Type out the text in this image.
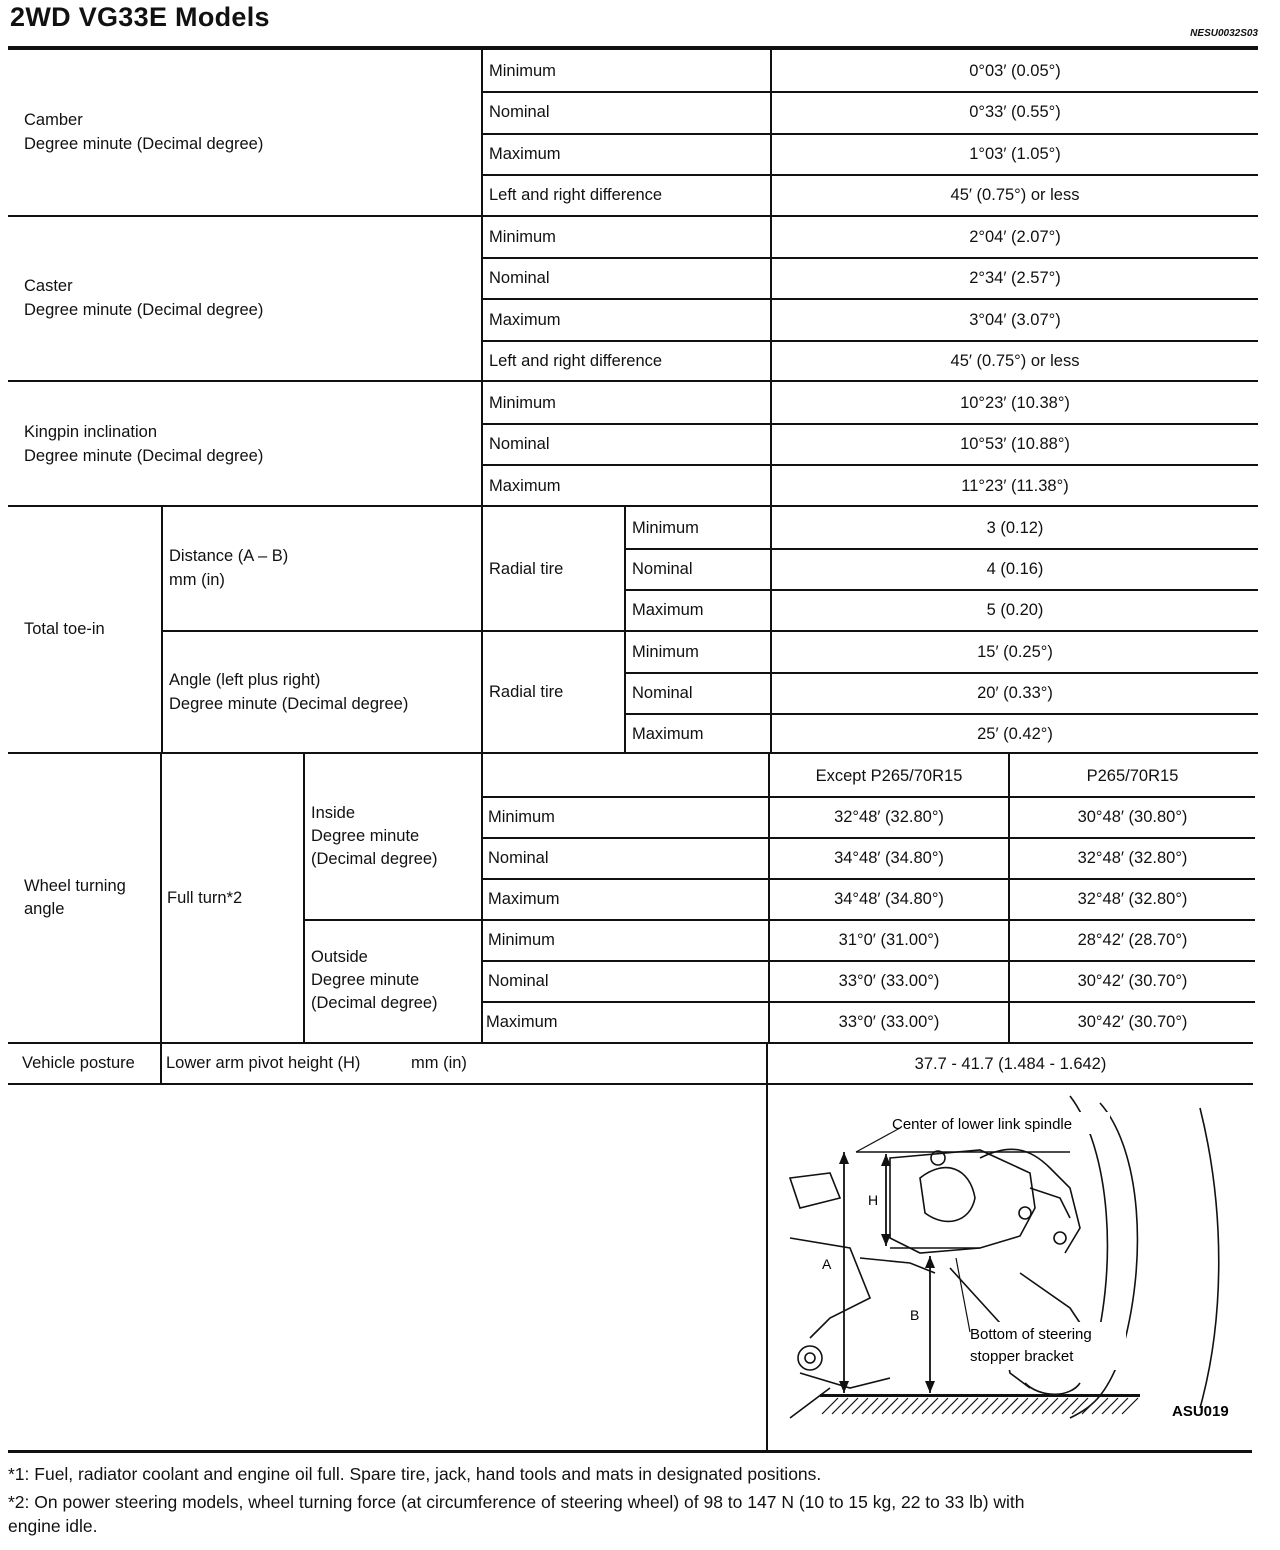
2WD VG33E Models
NESU0032S03
Camber
Degree minute (Decimal degree)
Minimum	0°03′ (0.05°)
Nominal	0°33′ (0.55°)
Maximum	1°03′ (1.05°)
Left and right difference	45′ (0.75°) or less
Caster
Degree minute (Decimal degree)
Minimum	2°04′ (2.07°)
Nominal	2°34′ (2.57°)
Maximum	3°04′ (3.07°)
Left and right difference	45′ (0.75°) or less
Kingpin inclination
Degree minute (Decimal degree)
Minimum	10°23′ (10.38°)
Nominal	10°53′ (10.88°)
Maximum	11°23′ (11.38°)
Total toe-in
Distance (A – B)
mm (in)
Radial tire
Minimum	3 (0.12)
Nominal	4 (0.16)
Maximum	5 (0.20)
Angle (left plus right)
Degree minute (Decimal degree)
Radial tire
Minimum	15′ (0.25°)
Nominal	20′ (0.33°)
Maximum	25′ (0.42°)
Wheel turning
angle
Full turn*2
Except P265/70R15	P265/70R15
Inside
Degree minute
(Decimal degree)
Minimum	32°48′ (32.80°)	30°48′ (30.80°)
Nominal	34°48′ (34.80°)	32°48′ (32.80°)
Maximum	34°48′ (34.80°)	32°48′ (32.80°)
Outside
Degree minute
(Decimal degree)
Minimum	31°0′ (31.00°)	28°42′ (28.70°)
Nominal	33°0′ (33.00°)	30°42′ (30.70°)
Maximum	33°0′ (33.00°)	30°42′ (30.70°)
Vehicle posture Lower arm pivot height (H)	mm (in)	37.7 - 41.7 (1.484 - 1.642)
Center of lower link spindle
H
A
B
Bottom of steering
stopper bracket
ASU019
*1: Fuel, radiator coolant and engine oil full. Spare tire, jack, hand tools and mats in designated positions.
*2: On power steering models, wheel turning force (at circumference of steering wheel) of 98 to 147 N (10 to 15 kg, 22 to 33 lb) with
engine idle.
